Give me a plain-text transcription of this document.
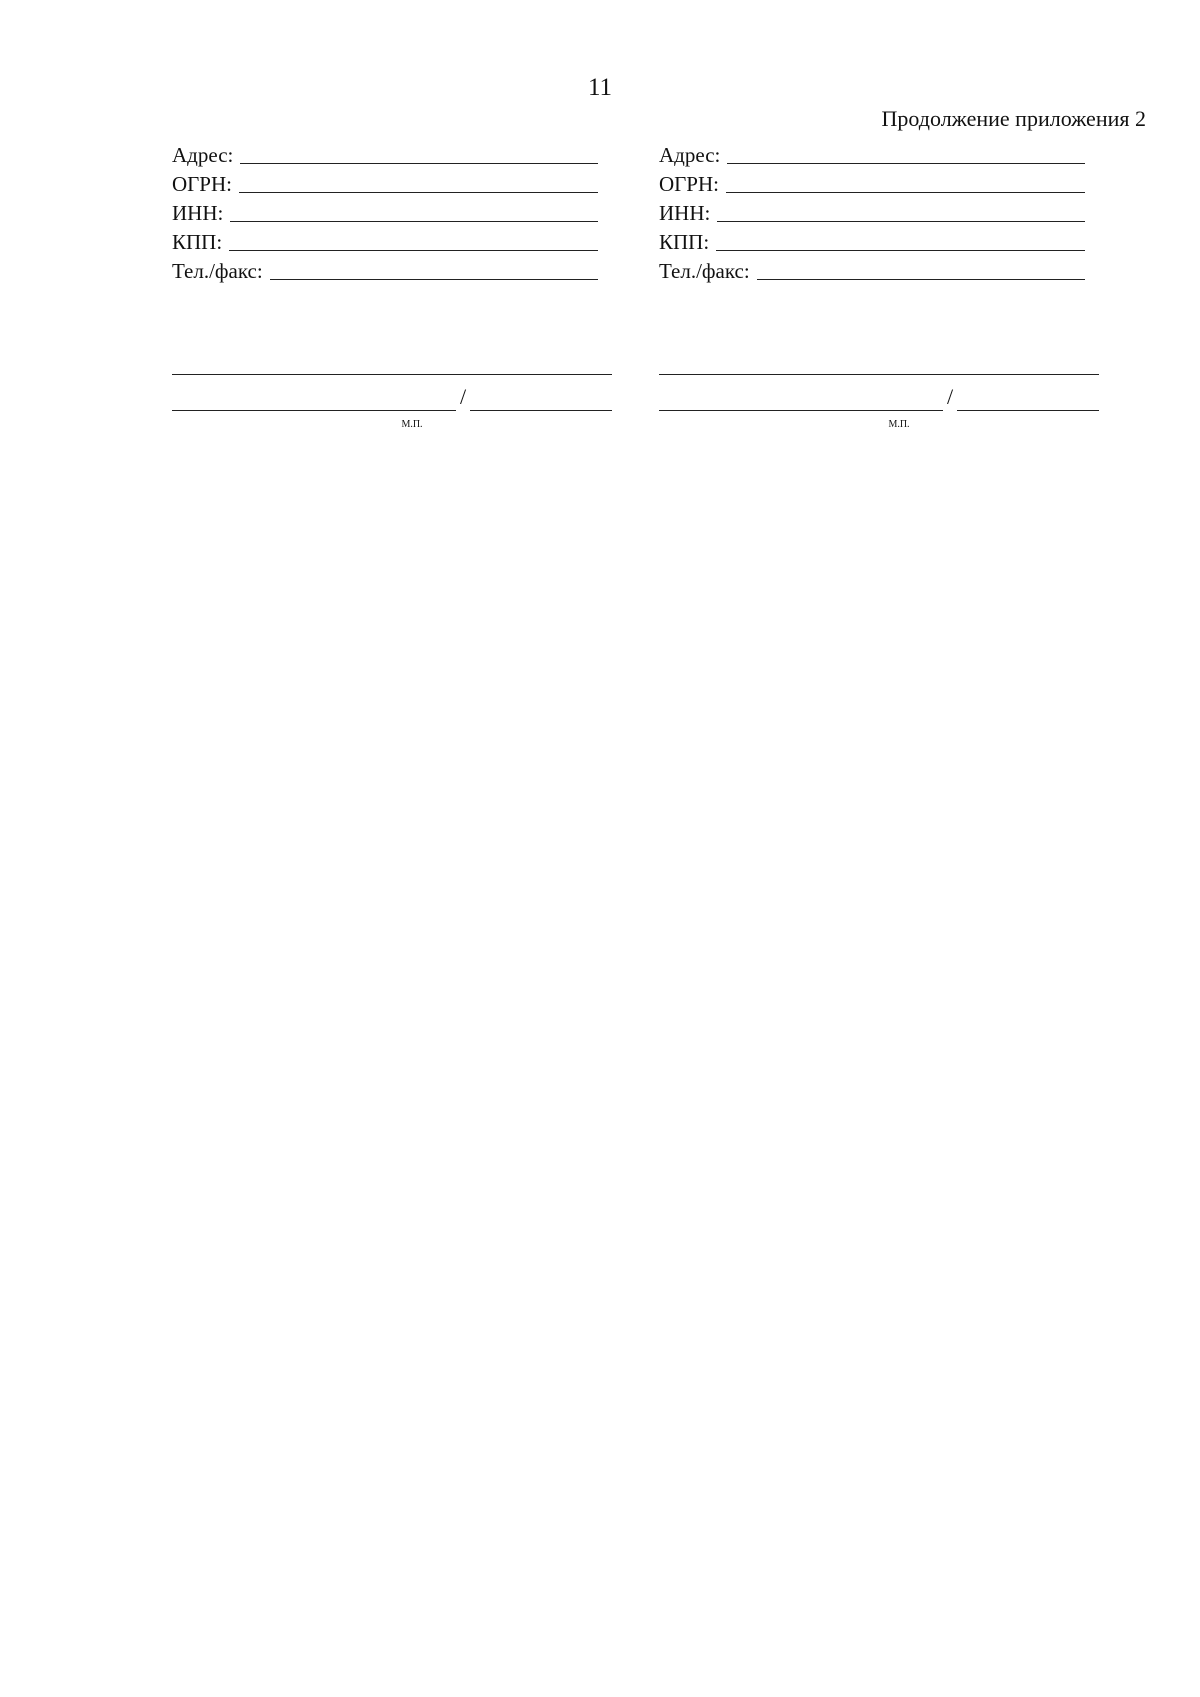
11
Продолжение приложения 2
Адрес:
ОГРН:
ИНН:
КПП:
Тел./факс:
/
М.П.
Адрес:
ОГРН:
ИНН:
КПП:
Тел./факс:
/
М.П.
